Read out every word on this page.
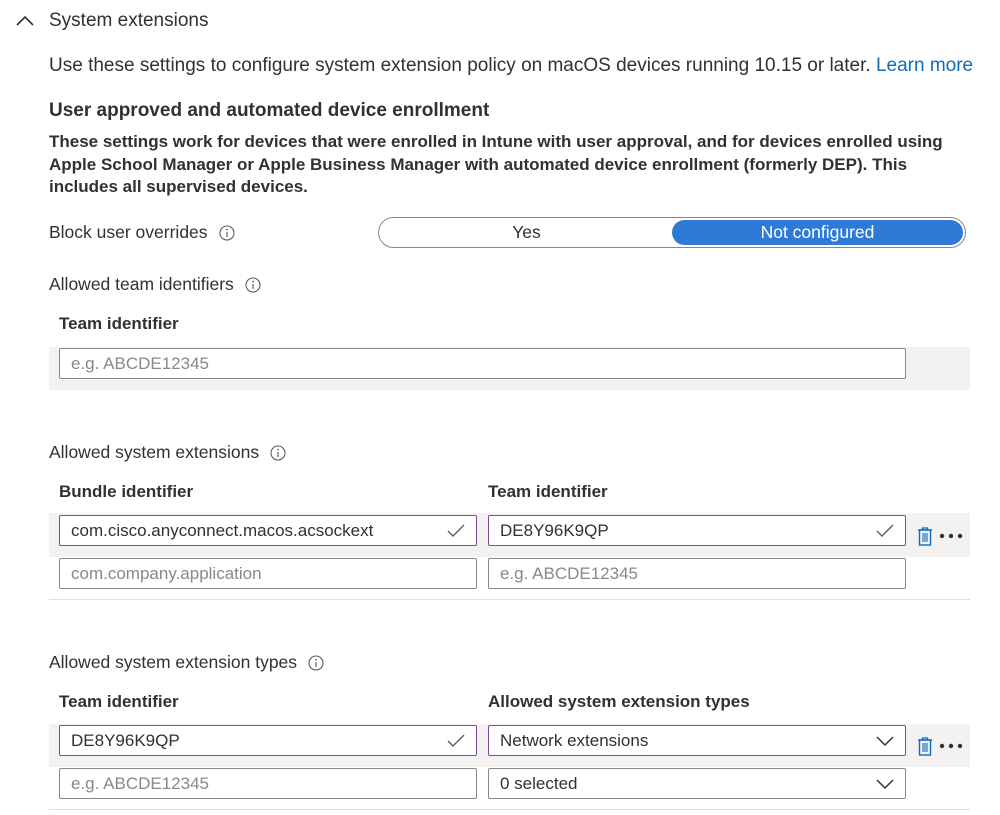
System extensions
Use these settings to configure system extension policy on macOS devices running 10.15 or later. Learn more
User approved and automated device enrollment
These settings work for devices that were enrolled in Intune with user approval, and for devices enrolled using Apple School Manager or Apple Business Manager with automated device enrollment (formerly DEP). This includes all supervised devices.
Block user overrides	Yes	Not configured
Allowed team identifiers
Team identifier
e.g. ABCDE12345
Allowed system extensions
Bundle identifier	Team identifier
com.cisco.anyconnect.macos.acsockext	DE8Y96K9QP
com.company.application	e.g. ABCDE12345
Allowed system extension types
Team identifier	Allowed system extension types
DE8Y96K9QP	Network extensions
e.g. ABCDE12345	0 selected
